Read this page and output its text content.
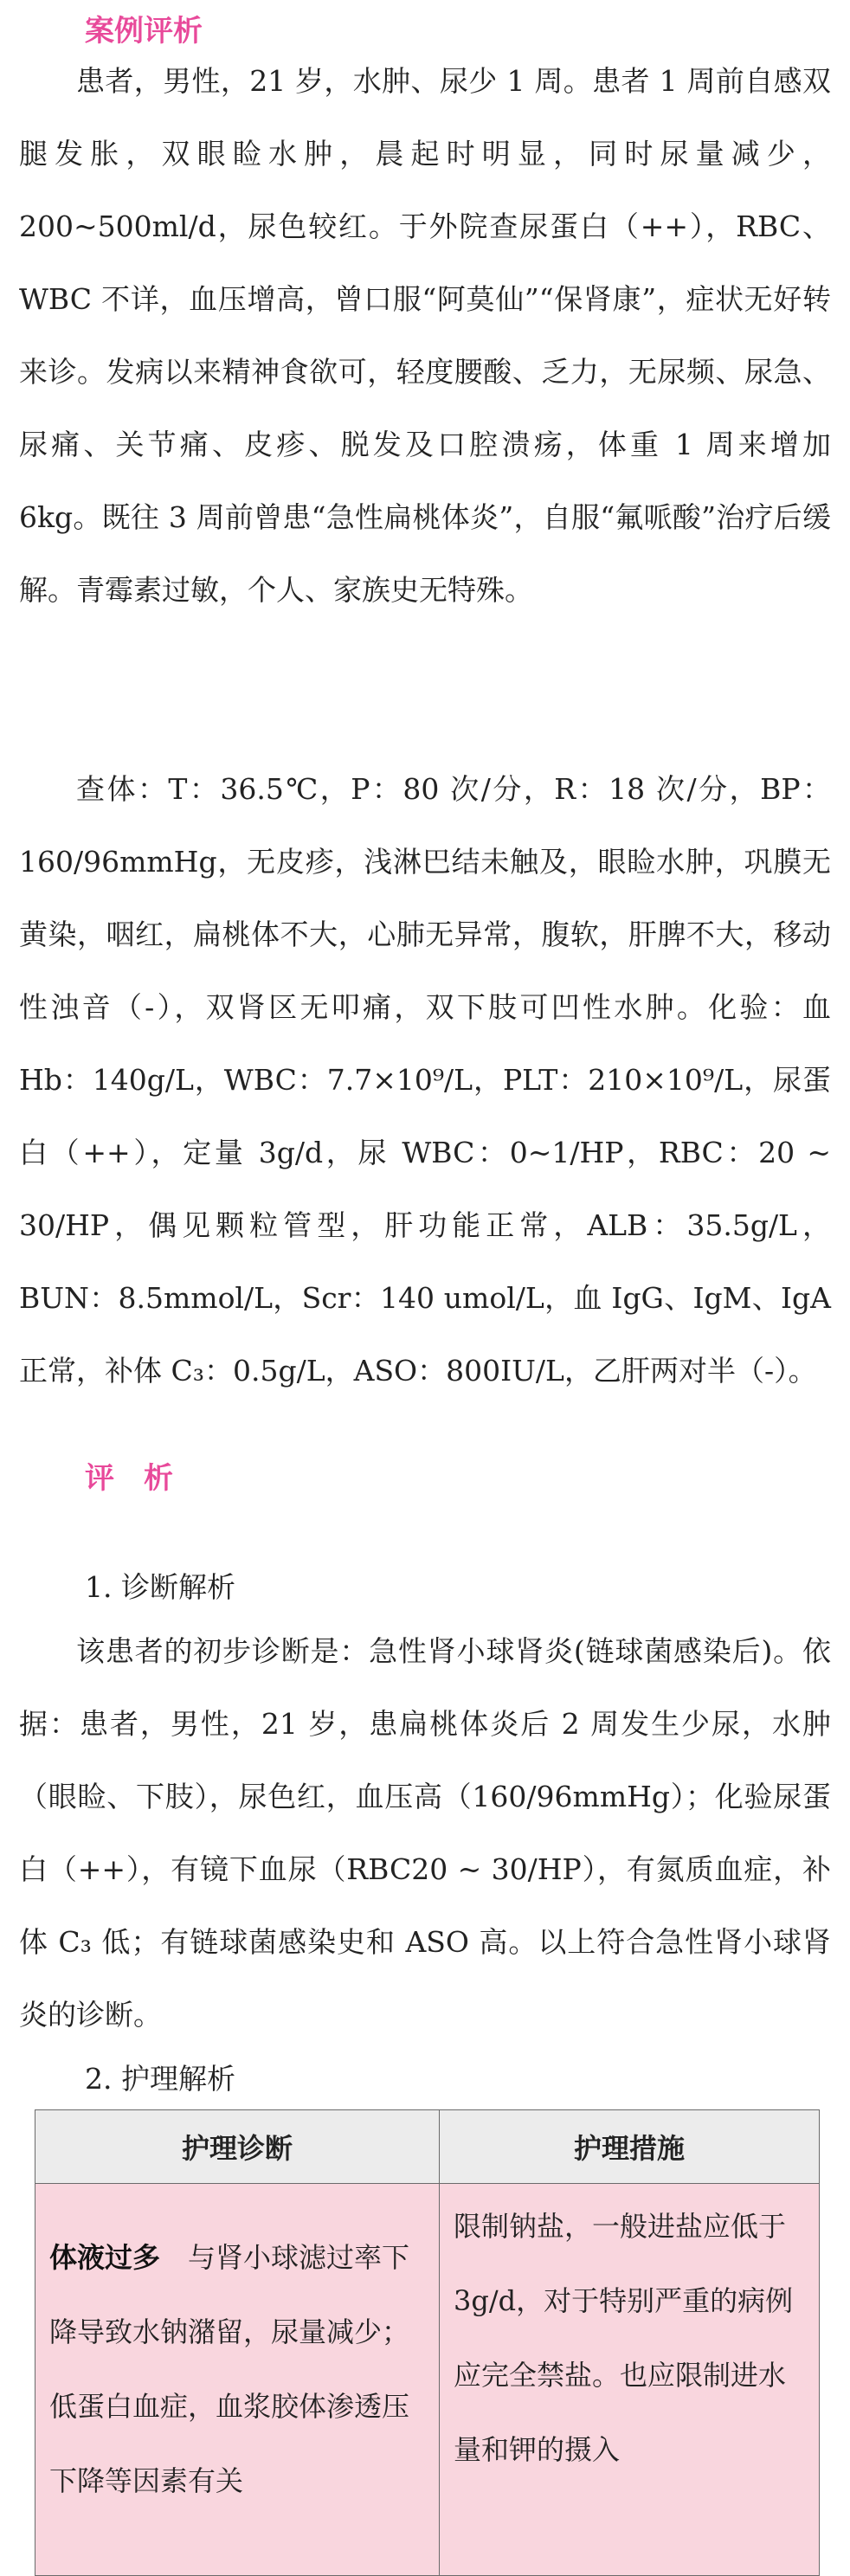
案例评析

患者，男性，21 岁，水肿、尿少 1 周。患者 1 周前自感双腿发胀，双眼睑水肿，晨起时明显，同时尿量减少，200~500ml/d，尿色较红。于外院查尿蛋白（++），RBC、WBC 不详，血压增高，曾口服“阿莫仙”“保肾康”，症状无好转来诊。发病以来精神食欲可，轻度腰酸、乏力，无尿频、尿急、尿痛、关节痛、皮疹、脱发及口腔溃疡，体重 1 周来增加 6kg。既往 3 周前曾患“急性扁桃体炎”，自服“氟哌酸”治疗后缓解。青霉素过敏，个人、家族史无特殊。

查体：T：36.5℃，P：80 次/分，R：18 次/分，BP：160/96mmHg，无皮疹，浅淋巴结未触及，眼睑水肿，巩膜无黄染，咽红，扁桃体不大，心肺无异常，腹软，肝脾不大，移动性浊音（-），双肾区无叩痛，双下肢可凹性水肿。化验：血 Hb：140g/L，WBC：7.7×10⁹/L，PLT：210×10⁹/L，尿蛋白（++），定量 3g/d，尿 WBC：0~1/HP，RBC：20 ~ 30/HP，偶见颗粒管型，肝功能正常，ALB：35.5g/L，BUN：8.5mmol/L，Scr：140 umol/L，血 IgG、IgM、IgA 正常，补体 C₃：0.5g/L，ASO：800IU/L，乙肝两对半（-）。

评　析
1. 诊断解析

该患者的初步诊断是：急性肾小球肾炎(链球菌感染后)。依据：患者，男性，21 岁，患扁桃体炎后 2 周发生少尿，水肿（眼睑、下肢），尿色红，血压高（160/96mmHg）；化验尿蛋白（++），有镜下血尿（RBC20 ~ 30/HP），有氮质血症，补体 C₃ 低；有链球菌感染史和 ASO 高。以上符合急性肾小球肾炎的诊断。

2. 护理解析
护理诊断	护理措施
体液过多　 与肾小球滤过率下降导致水钠潴留，尿量减少；低蛋白血症，血浆胶体渗透压下降等因素有关	限制钠盐，一般进盐应低于 3g/d，对于特别严重的病例应完全禁盐。也应限制进水量和钾的摄入
